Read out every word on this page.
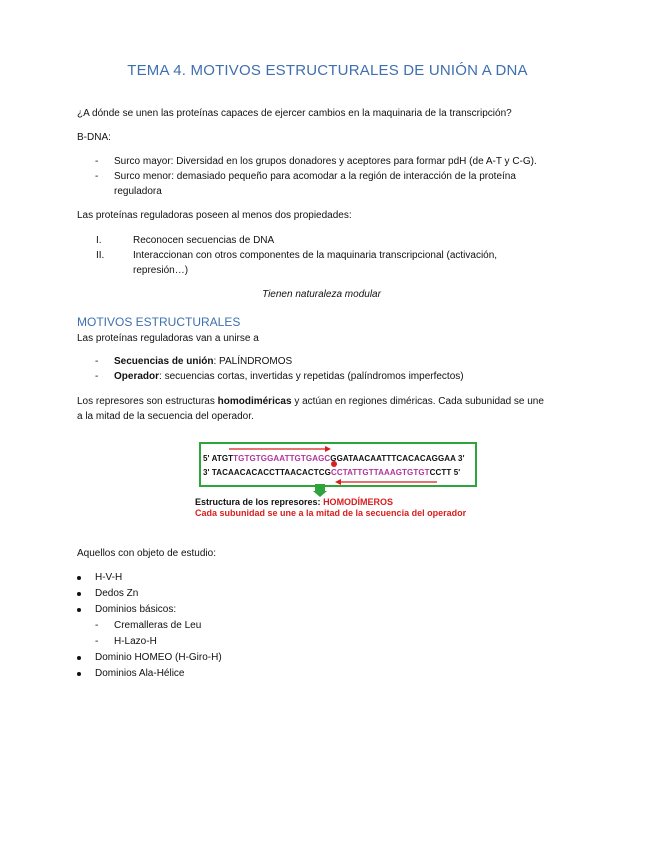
TEMA 4. MOTIVOS ESTRUCTURALES DE UNIÓN A DNA
¿A dónde se unen las proteínas capaces de ejercer cambios en la maquinaria de la transcripción?
B-DNA:
- Surco mayor: Diversidad en los grupos donadores y aceptores para formar pdH (de A-T y C-G).
- Surco menor: demasiado pequeño para acomodar a la región de interacción de la proteína
reguladora
Las proteínas reguladoras poseen al menos dos propiedades:
I.	Reconocen secuencias de DNA
II.	Interaccionan con otros componentes de la maquinaria transcripcional (activación,
represión…)
Tienen naturaleza modular
MOTIVOS ESTRUCTURALES
Las proteínas reguladoras van a unirse a
- Secuencias de unión: PALÍNDROMOS
- Operador: secuencias cortas, invertidas y repetidas (palíndromos imperfectos)
Los represores son estructuras homodiméricas y actúan en regiones diméricas. Cada subunidad se une
a la mitad de la secuencia del operador.
5' ATGTTGTGTGGAATTGTGAGCGGATAACAATTTCACACAGGAA 3'
3' TACAACACACCTTAACACTCGCCTATTGTTAAAGTGTGTCCTT 5'
Estructura de los represores: HOMODÍMEROS
Cada subunidad se une a la mitad de la secuencia del operador
Aquellos con objeto de estudio:
H-V-H
Dedos Zn
Dominios básicos:
- Cremalleras de Leu
- H-Lazo-H
Dominio HOMEO (H-Giro-H)
Dominios Ala-Hélice
